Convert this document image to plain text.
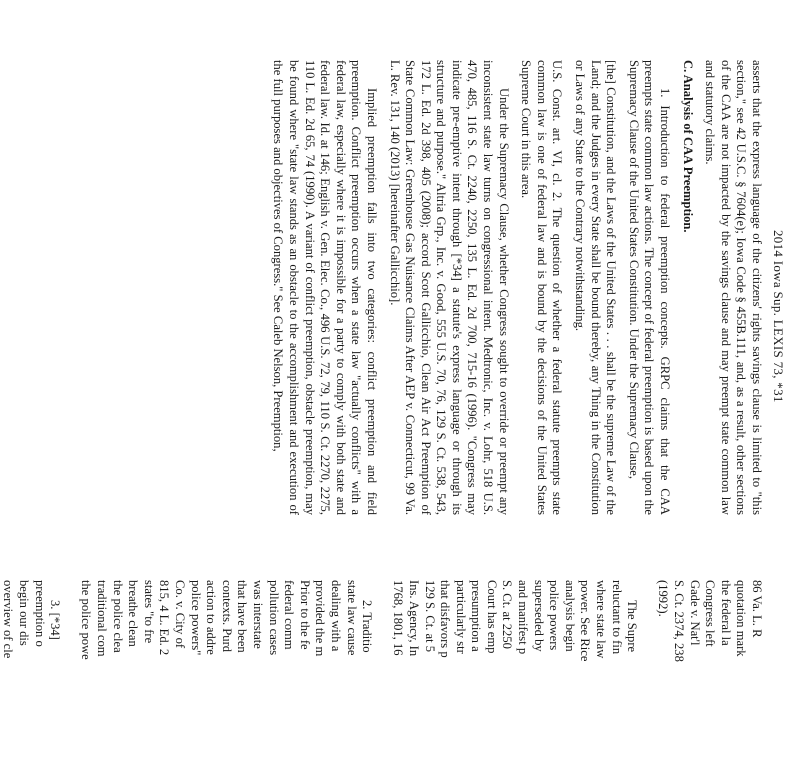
2014 Iowa Sup. LEXIS 73, *31

asserts that the express language of the citizens' rights savings clause is limited to "this section," see 42 U.S.C. § 7604(e); Iowa Code § 455B.111, and, as a result, other sections of the CAA are not impacted by the savings clause and may preempt state common law and statutory claims.

C. Analysis of CAA Preemption.

1. Introduction to federal preemption concepts. GRPC claims that the CAA preempts state common law actions. The concept of federal preemption is based upon the Supremacy Clause of the United States Constitution. Under the Supremacy Clause,

[the] Constitution, and the Laws of the United States . . . shall be the supreme Law of the Land; and the Judges in every State shall be bound thereby, any Thing in the Constitution or Laws of any State to the Contrary notwithstanding.

U.S. Const. art. VI, cl. 2. The question of whether a federal statute preempts state common law is one of federal law and is bound by the decisions of the United States Supreme Court in this area.

Under the Supremacy Clause, whether Congress sought to override or preempt any inconsistent state law turns on congressional intent. Medtronic, Inc. v. Lohr, 518 U.S. 470, 485, 116 S. Ct. 2240, 2250, 135 L. Ed. 2d 700, 715-16 (1996). "Congress may indicate pre-emptive intent through [*34] a statute's express language or through its structure and purpose." Altria Grp., Inc. v. Good, 555 U.S. 70, 76, 129 S. Ct. 538, 543, 172 L. Ed. 2d 398, 405 (2008); accord Scott Gallicchio, Clean Air Act Preemption of State Common Law: Greenhouse Gas Nuisance Claims After AEP v. Connecticut, 99 Va. L. Rev. 131, 140 (2013) [hereinafter Gallicchio].

Implied preemption falls into two categories: conflict preemption and field preemption. Conflict preemption occurs when a state law "actually conflicts" with a federal law, especially where it is impossible for a party to comply with both state and federal law. Id. at 146; English v. Gen. Elec. Co., 496 U.S. 72, 79, 110 S. Ct. 2270, 2275, 110 L. Ed. 2d 65, 74 (1990). A variant of conflict preemption, obstacle preemption, may be found where "state law stands as an obstacle to the accomplishment and execution of the full purposes and objectives of Congress." See Caleb Nelson, Preemption,

86 Va. L. R
quotation mark
the federal la
Congress left
Gade v. Nat'l
S. Ct. 2374, 238
(1992).

The Supre
reluctant to fin
where state law
power. See Rice
analysis begin
police powers
superseded by
and manifest p
S. Ct. at 2250
Court has emp
presumption a
particularly str
that disfavors p
129 S. Ct. at 5
Ins. Agency, In
1768, 1801, 16

2. Traditio
state law cause
dealing with a
provided the m
Prior to the fe
federal comm
pollution cases
was interstate
that have been
contexts. Purd
action to addre
police powers"
Co. v. City of
815, 4 L. Ed. 2
states "to fre
breathe clean
the police clea
traditional com
the police powe

3. [*34]
preemption o
begin our dis
overview of cle
